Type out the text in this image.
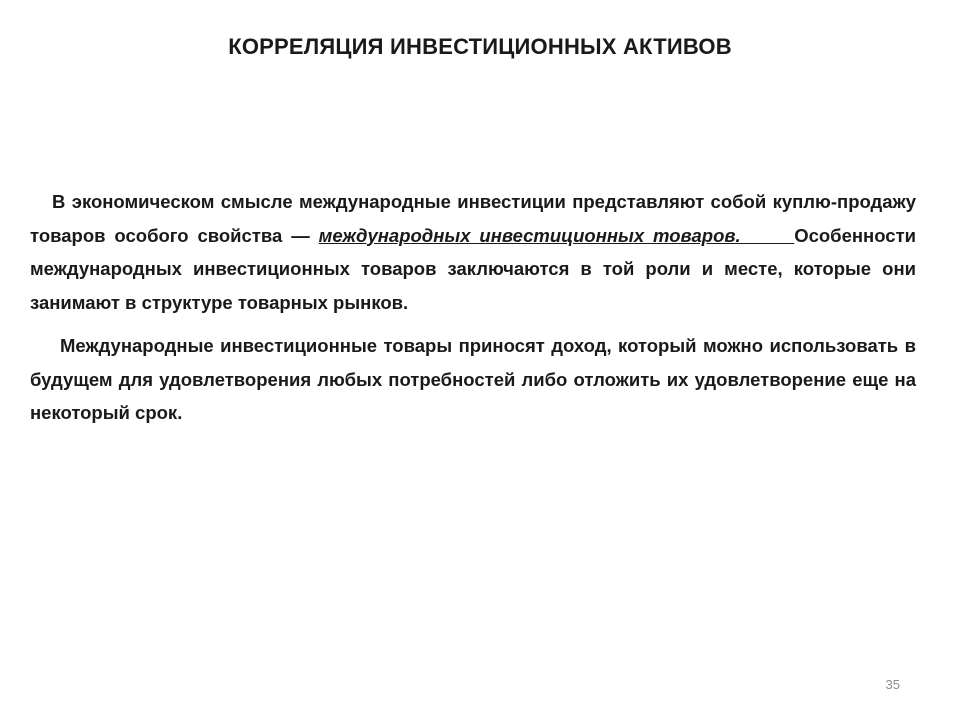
КОРРЕЛЯЦИЯ ИНВЕСТИЦИОННЫХ АКТИВОВ

В экономическом смысле международные инвестиции представляют собой куплю-продажу товаров особого свойства — международных инвестиционных товаров.	Особенности международных инвестиционных товаров заключаются в той роли и месте, которые они занимают в структуре товарных рынков.

Международные инвестиционные товары приносят доход, который можно использовать в будущем для удовлетворения любых потребностей либо отложить их удовлетворение еще на некоторый срок.

35
